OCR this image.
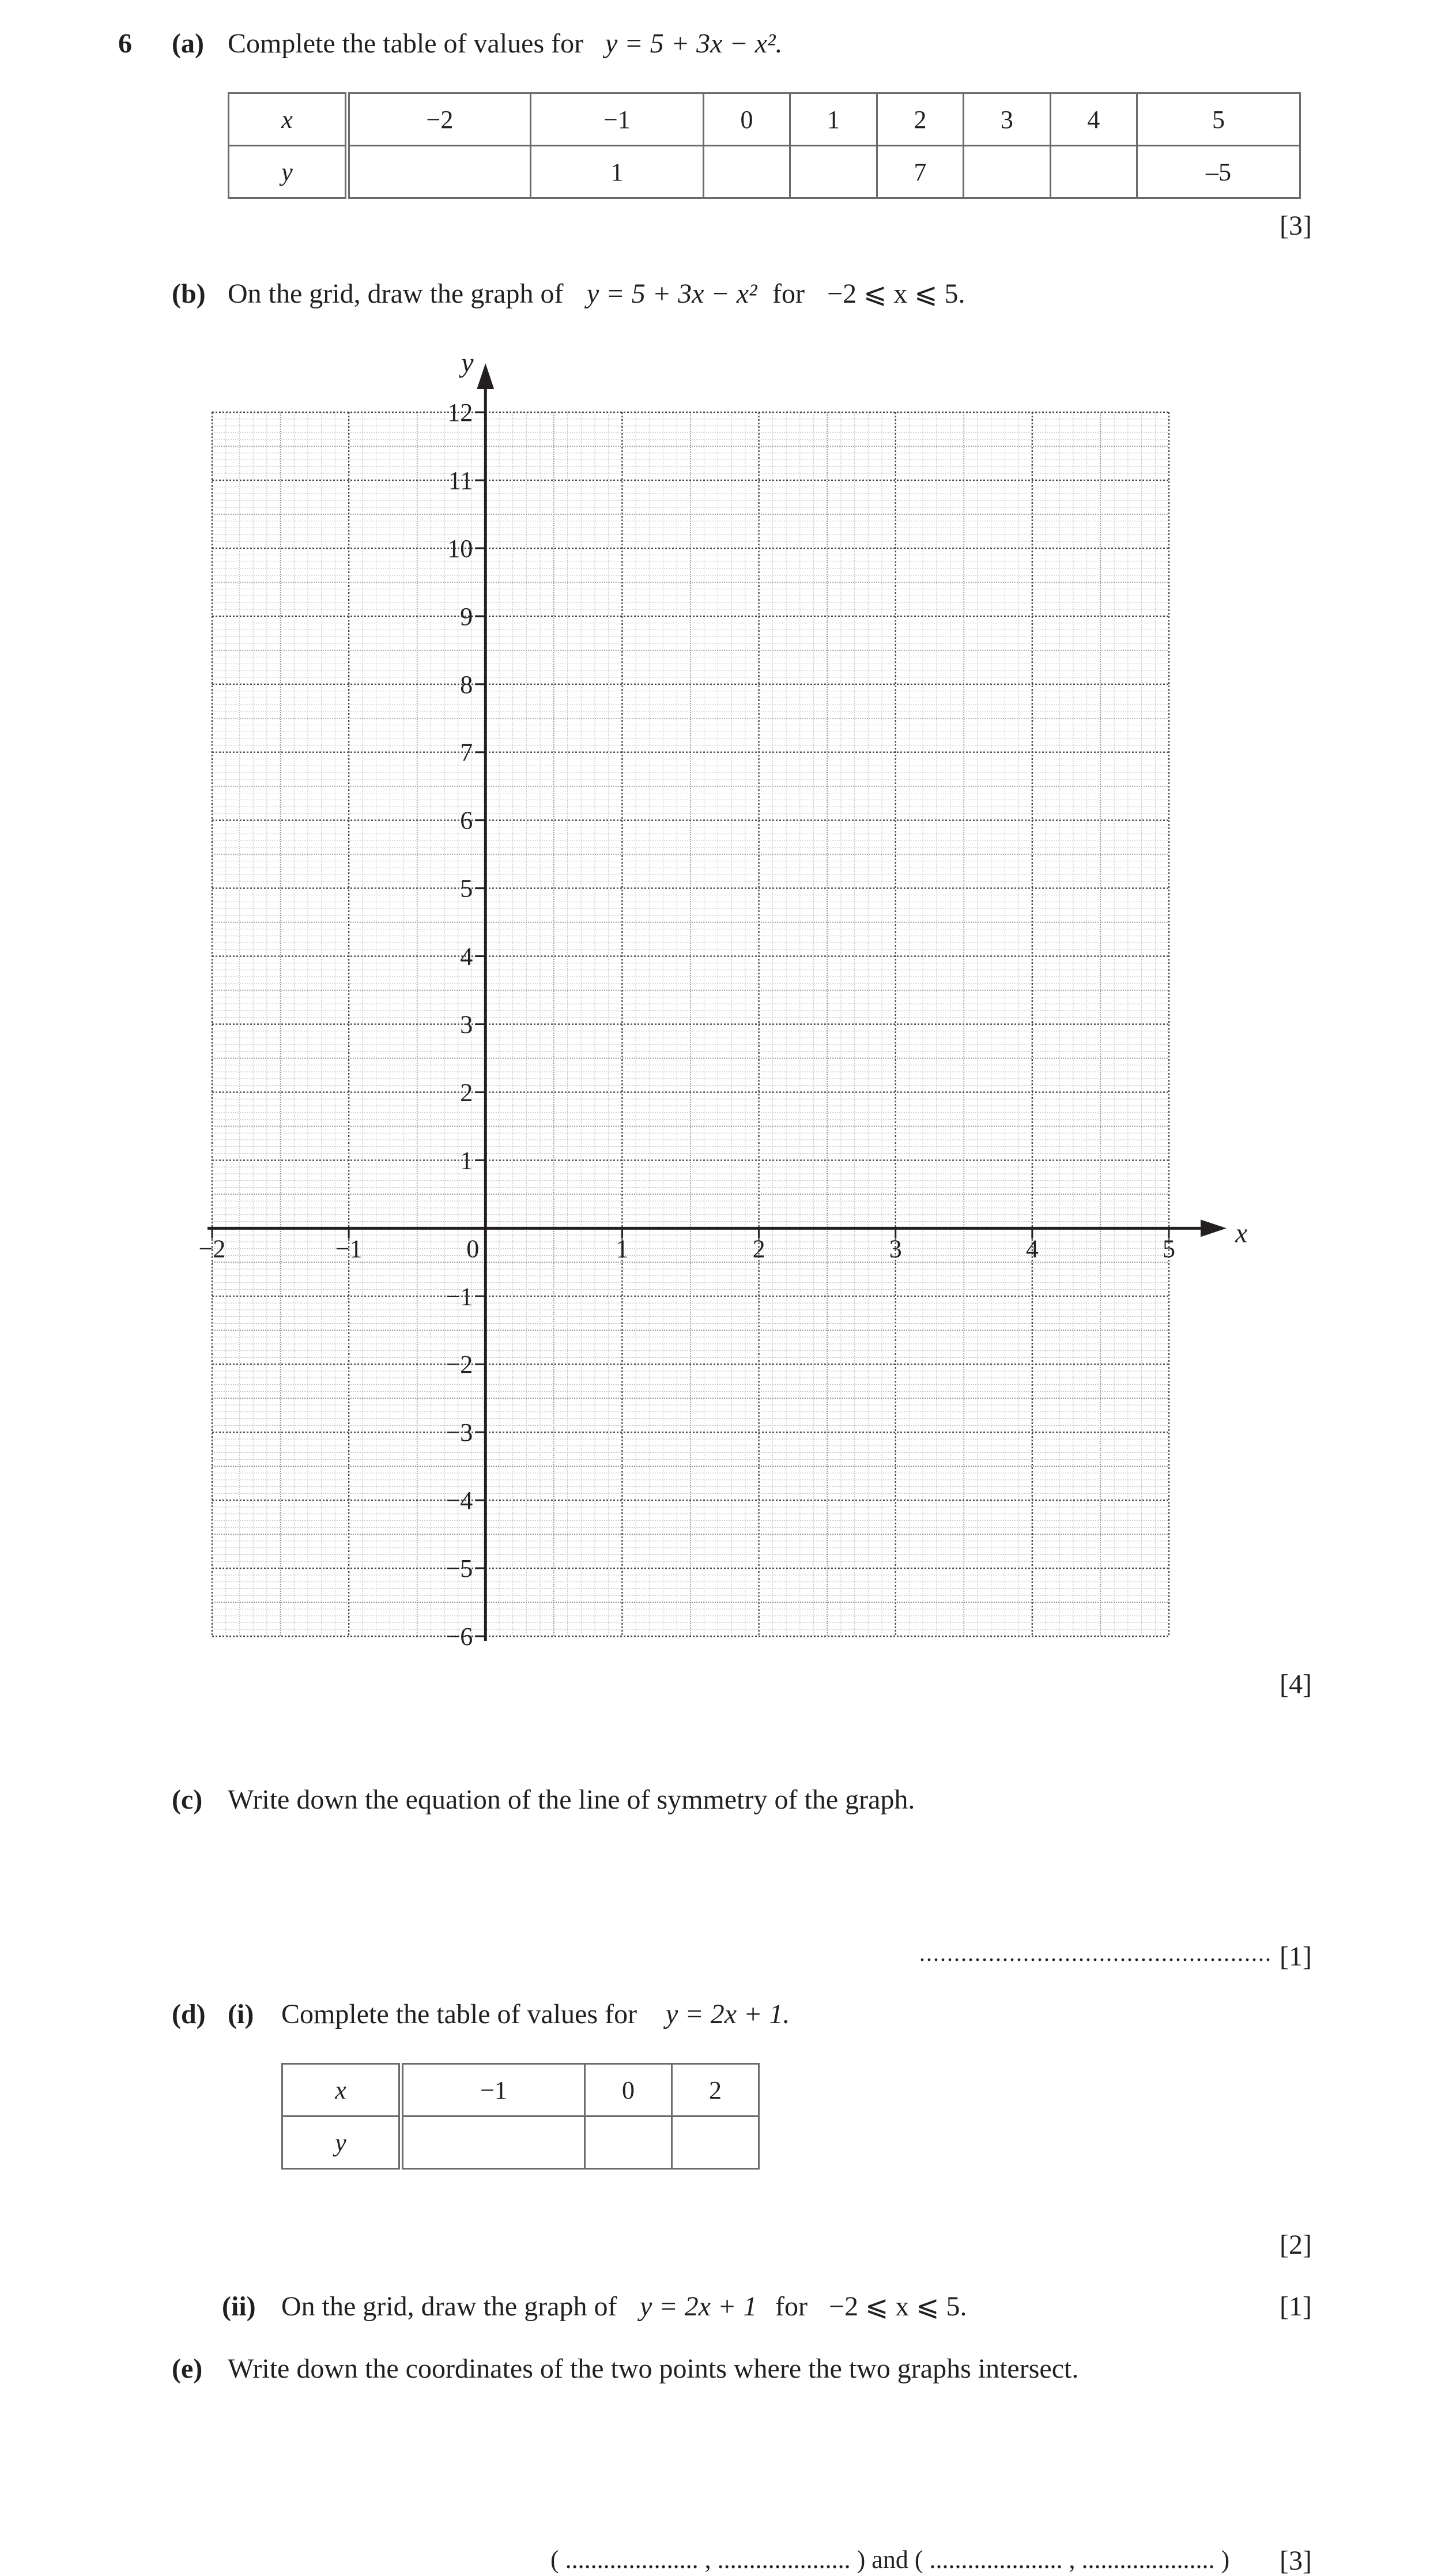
6 (a) Complete the table of values for y = 5 + 3x − x².
x	−2	−1	0	1	2	3	4	5
y		1			7			–5
[3]
(b) On the grid, draw the graph of y = 5 + 3x − x² for −2 ⩽ x ⩽ 5.
−2	−1	0	1	2	3	4	5
−6
−5
−4
−3
−2
−1
1
2
3
4
5
6
7
8
9
10
11
12
x
y
[4]
(c) Write down the equation of the line of symmetry of the graph.
................................................... [1]
(d) (i) Complete the table of values for y = 2x + 1.
x	−1	0	2
y			
[2]
(ii) On the grid, draw the graph of y = 2x + 1 for −2 ⩽ x ⩽ 5.	[1]
(e) Write down the coordinates of the two points where the two graphs intersect.
( ..................... , ..................... ) and ( ..................... , ..................... ) [3]
